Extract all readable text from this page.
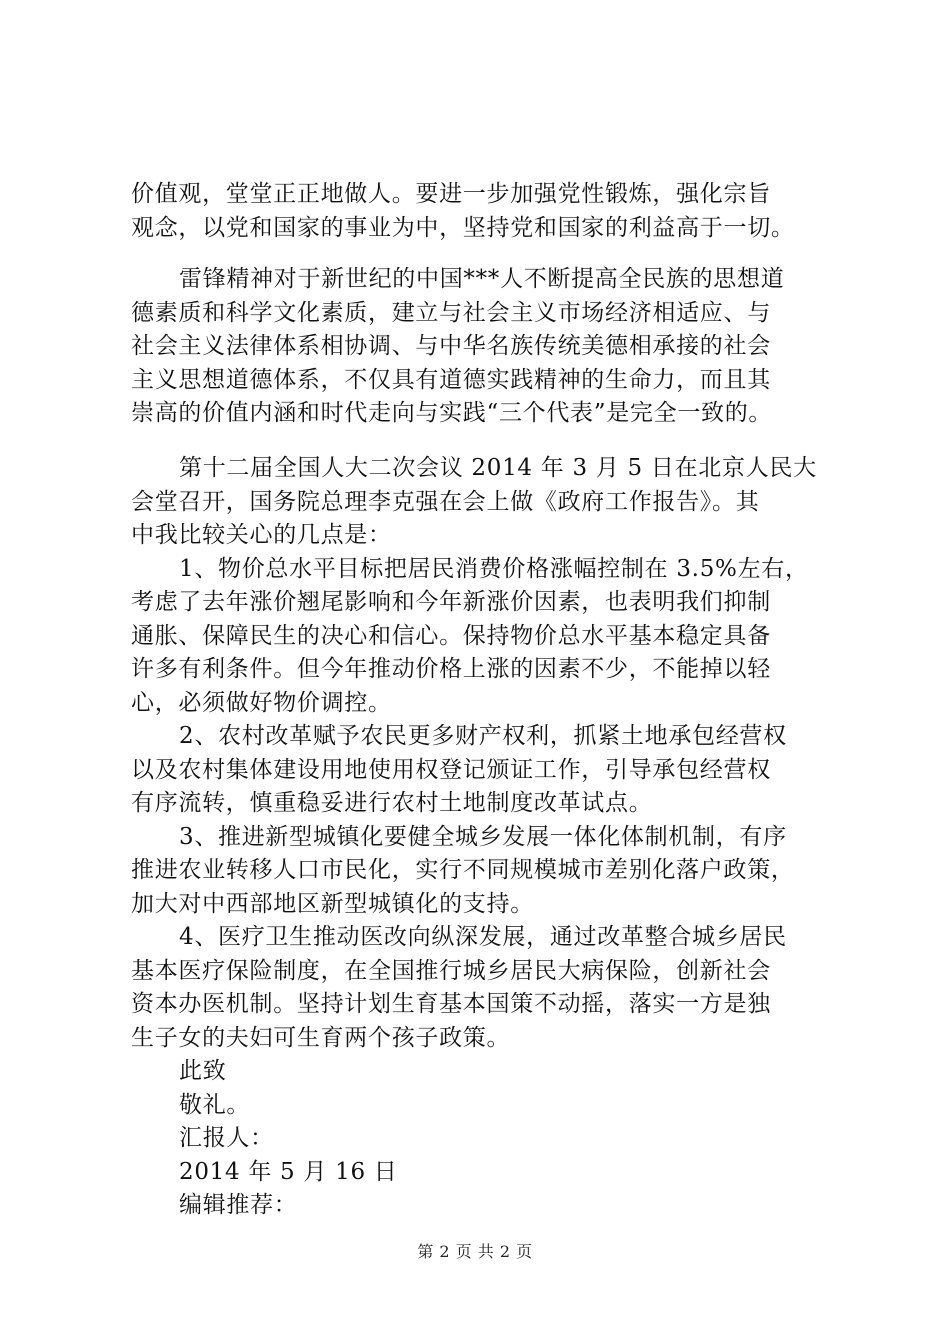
价值观，堂堂正正地做人。要进一步加强党性锻炼，强化宗旨
观念，以党和国家的事业为中，坚持党和国家的利益高于一切。
雷锋精神对于新世纪的中国***人不断提高全民族的思想道
德素质和科学文化素质，建立与社会主义市场经济相适应、与
社会主义法律体系相协调、与中华名族传统美德相承接的社会
主义思想道德体系，不仅具有道德实践精神的生命力，而且其
崇高的价值内涵和时代走向与实践“三个代表”是完全一致的。
第十二届全国人大二次会议 2014 年 3 月 5 日在北京人民大
会堂召开，国务院总理李克强在会上做《政府工作报告》。其
中我比较关心的几点是：
1、物价总水平目标把居民消费价格涨幅控制在 3.5%左右，
考虑了去年涨价翘尾影响和今年新涨价因素，也表明我们抑制
通胀、保障民生的决心和信心。保持物价总水平基本稳定具备
许多有利条件。但今年推动价格上涨的因素不少，不能掉以轻
心，必须做好物价调控。
2、农村改革赋予农民更多财产权利，抓紧土地承包经营权
以及农村集体建设用地使用权登记颁证工作，引导承包经营权
有序流转，慎重稳妥进行农村土地制度改革试点。
3、推进新型城镇化要健全城乡发展一体化体制机制，有序
推进农业转移人口市民化，实行不同规模城市差别化落户政策，
加大对中西部地区新型城镇化的支持。
4、医疗卫生推动医改向纵深发展，通过改革整合城乡居民
基本医疗保险制度，在全国推行城乡居民大病保险，创新社会
资本办医机制。坚持计划生育基本国策不动摇，落实一方是独
生子女的夫妇可生育两个孩子政策。
此致
敬礼。
汇报人：
2014 年 5 月 16 日
编辑推荐：
第 2 页 共 2 页
